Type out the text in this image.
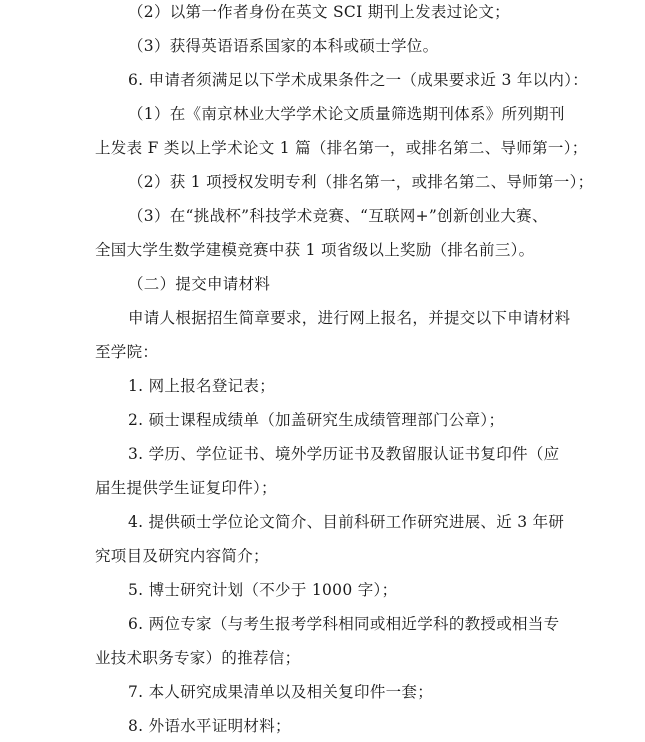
（2）以第一作者身份在英文 SCI 期刊上发表过论文；
（3）获得英语语系国家的本科或硕士学位。
6. 申请者须满足以下学术成果条件之一（成果要求近 3 年以内）：
（1）在《南京林业大学学术论文质量筛选期刊体系》所列期刊
上发表 F 类以上学术论文 1 篇（排名第一，或排名第二、导师第一）；
（2）获 1 项授权发明专利（排名第一，或排名第二、导师第一）；
（3）在“挑战杯”科技学术竞赛、“互联网+”创新创业大赛、
全国大学生数学建模竞赛中获 1 项省级以上奖励（排名前三）。
（二）提交申请材料
申请人根据招生简章要求，进行网上报名，并提交以下申请材料
至学院：
1. 网上报名登记表；
2. 硕士课程成绩单（加盖研究生成绩管理部门公章）；
3. 学历、学位证书、境外学历证书及教留服认证书复印件（应
届生提供学生证复印件）；
4. 提供硕士学位论文简介、目前科研工作研究进展、近 3 年研
究项目及研究内容简介；
5. 博士研究计划（不少于 1000 字）；
6. 两位专家（与考生报考学科相同或相近学科的教授或相当专
业技术职务专家）的推荐信；
7. 本人研究成果清单以及相关复印件一套；
8. 外语水平证明材料；
